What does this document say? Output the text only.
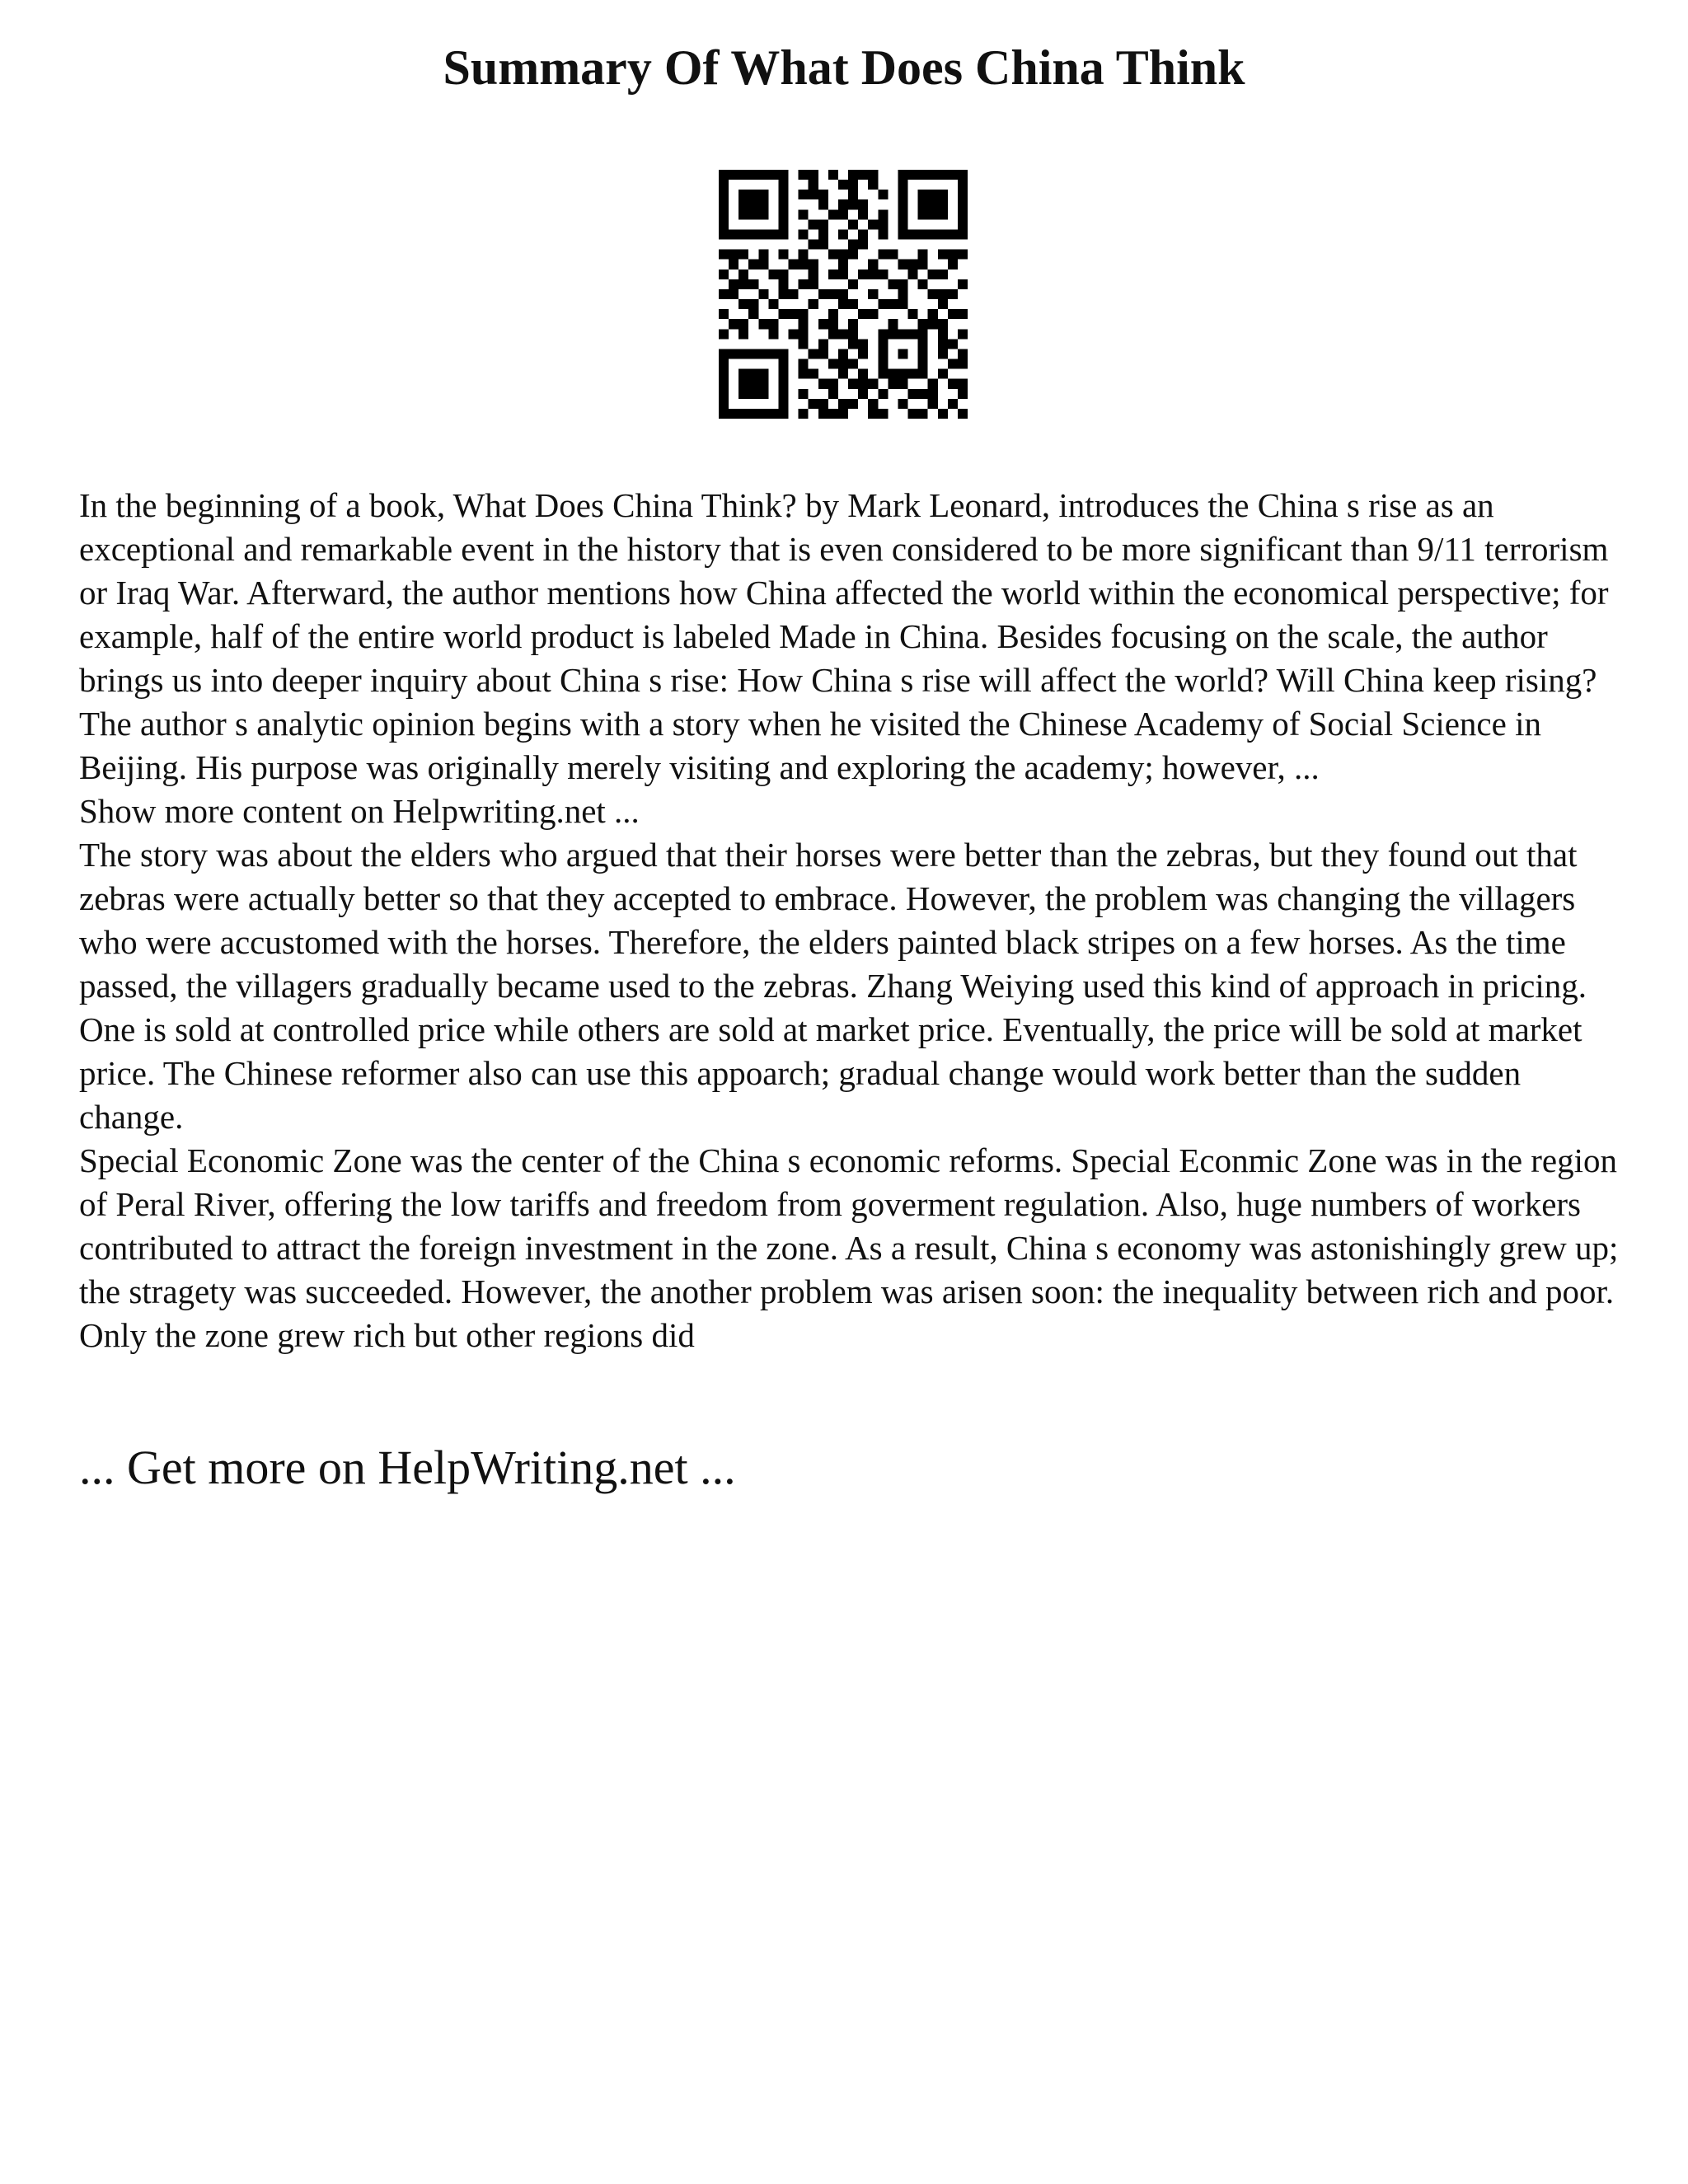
Summary Of What Does China Think

In the beginning of a book, What Does China Think? by Mark Leonard, introduces the China s rise as an exceptional and remarkable event in the history that is even considered to be more significant than 9/11 terrorism or Iraq War. Afterward, the author mentions how China affected the world within the economical perspective; for example, half of the entire world product is labeled Made in China. Besides focusing on the scale, the author brings us into deeper inquiry about China s rise: How China s rise will affect the world? Will China keep rising?

The author s analytic opinion begins with a story when he visited the Chinese Academy of Social Science in Beijing. His purpose was originally merely visiting and exploring the academy; however, ...

Show more content on Helpwriting.net ...

The story was about the elders who argued that their horses were better than the zebras, but they found out that zebras were actually better so that they accepted to embrace. However, the problem was changing the villagers who were accustomed with the horses. Therefore, the elders painted black stripes on a few horses. As the time passed, the villagers gradually became used to the zebras. Zhang Weiying used this kind of approach in pricing. One is sold at controlled price while others are sold at market price. Eventually, the price will be sold at market price. The Chinese reformer also can use this appoarch; gradual change would work better than the sudden change.

Special Economic Zone was the center of the China s economic reforms. Special Econmic Zone was in the region of Peral River, offering the low tariffs and freedom from goverment regulation. Also, huge numbers of workers contributed to attract the foreign investment in the zone. As a result, China s economy was astonishingly grew up; the stragety was succeeded. However, the another problem was arisen soon: the inequality between rich and poor. Only the zone grew rich but other regions did

... Get more on HelpWriting.net ...
